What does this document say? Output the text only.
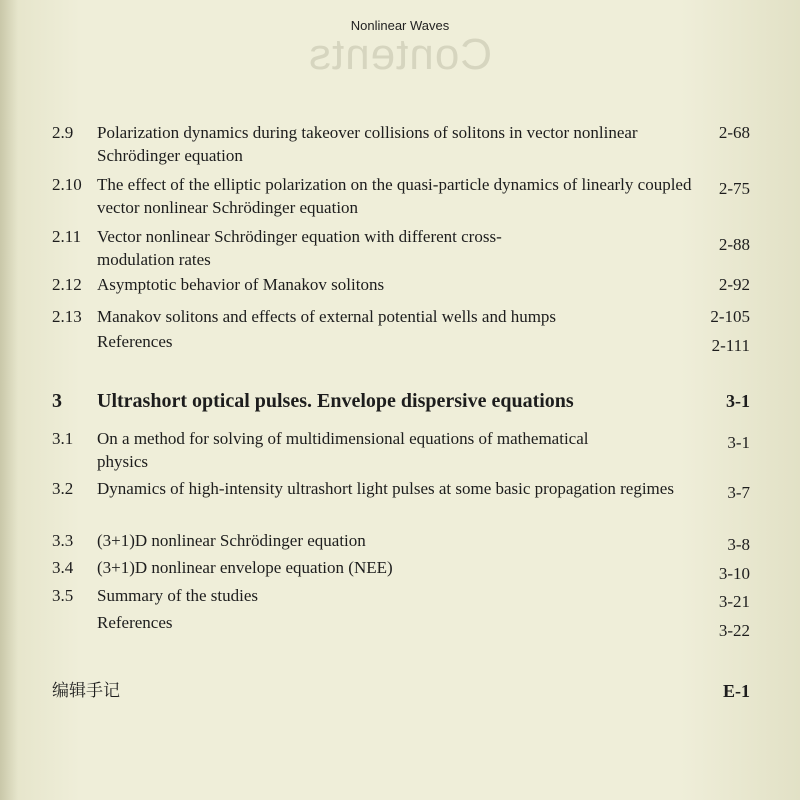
Contents
Nonlinear Waves
2.9 Polarization dynamics during takeover collisions of solitons in vector nonlinear Schrödinger equation
2-68
2.10 The effect of the elliptic polarization on the quasi-particle dynamics of linearly coupled vector nonlinear Schrödinger equation
2-75
2.11 Vector nonlinear Schrödinger equation with different cross-modulation rates
2-88
2.12 Asymptotic behavior of Manakov solitons	2-92
2.13 Manakov solitons and effects of external potential wells and humps	2-105
References	2-111
3 Ultrashort optical pulses. Envelope dispersive equations	3-1
3.1 On a method for solving of multidimensional equations of mathematical physics
3-1
3.2 Dynamics of high-intensity ultrashort light pulses at some basic propagation regimes	3-7
3.3 (3+1)D nonlinear Schrödinger equation	3-8
3.4 (3+1)D nonlinear envelope equation (NEE)	3-10
3.5 Summary of the studies	3-21
References	3-22
编辑手记	E-1
